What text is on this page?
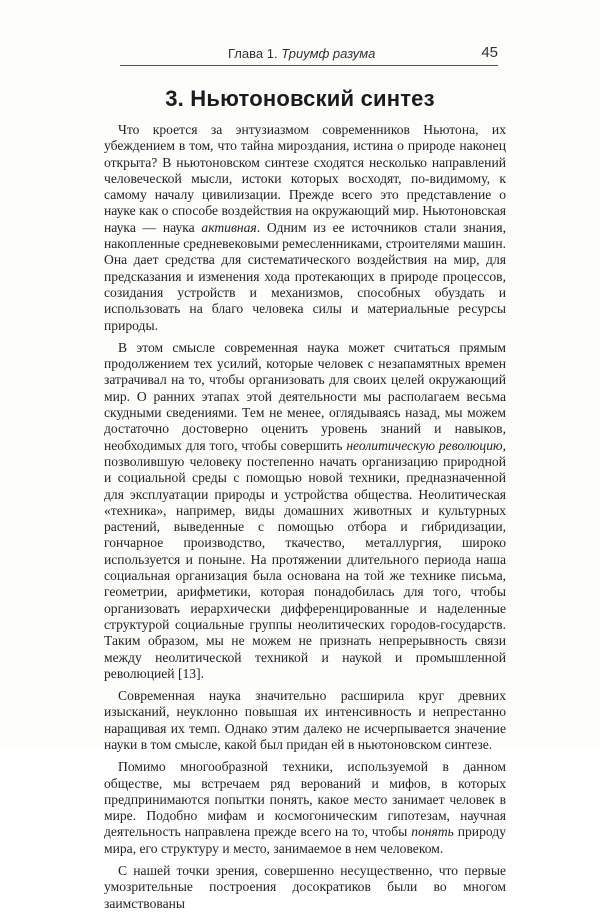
Глава 1. Триумф разума	45
3. Ньютоновский синтез

Что кроется за энтузиазмом современников Ньютона, их убеждением в том, что тайна мироздания, истина о природе наконец открыта? В ньютоновском синтезе сходятся несколько направлений человеческой мысли, истоки которых восходят, по-видимому, к самому началу цивилизации. Прежде всего это представление о науке как о способе воздействия на окружающий мир. Ньютоновская наука — наука активная. Одним из ее источников стали знания, накопленные средневековыми ремесленниками, строителями машин. Она дает средства для систематического воздействия на мир, для предсказания и изменения хода протекающих в природе процессов, созидания устройств и механизмов, способных обуздать и использовать на благо человека силы и материальные ресурсы природы.

В этом смысле современная наука может считаться прямым продолжением тех усилий, которые человек с незапамятных времен затрачивал на то, чтобы организовать для своих целей окружающий мир. О ранних этапах этой деятельности мы располагаем весьма скудными сведениями. Тем не менее, оглядываясь назад, мы можем достаточно достоверно оценить уровень знаний и навыков, необходимых для того, чтобы совершить неолитическую революцию, позволившую человеку постепенно начать организацию природной и социальной среды с помощью новой техники, предназначенной для эксплуатации природы и устройства общества. Неолитическая «техника», например, виды домашних животных и культурных растений, выведенные с помощью отбора и гибридизации, гончарное производство, ткачество, металлургия, широко используется и поныне. На протяжении длительного периода наша социальная организация была основана на той же технике письма, геометрии, арифметики, которая понадобилась для того, чтобы организовать иерархически дифференцированные и наделенные структурой социальные группы неолитических городов-государств. Таким образом, мы не можем не признать непрерывность связи между неолитической техникой и наукой и промышленной революцией [13].

Современная наука значительно расширила круг древних изысканий, неуклонно повышая их интенсивность и непрестанно наращивая их темп. Однако этим далеко не исчерпывается значение науки в том смысле, какой был придан ей в ньютоновском синтезе.

Помимо многообразной техники, используемой в данном обществе, мы встречаем ряд верований и мифов, в которых предпринимаются попытки понять, какое место занимает человек в мире. Подобно мифам и космогоническим гипотезам, научная деятельность направлена прежде всего на то, чтобы понять природу мира, его структуру и место, занимаемое в нем человеком.

С нашей точки зрения, совершенно несущественно, что первые умозрительные построения досократиков были во многом заимствованы
